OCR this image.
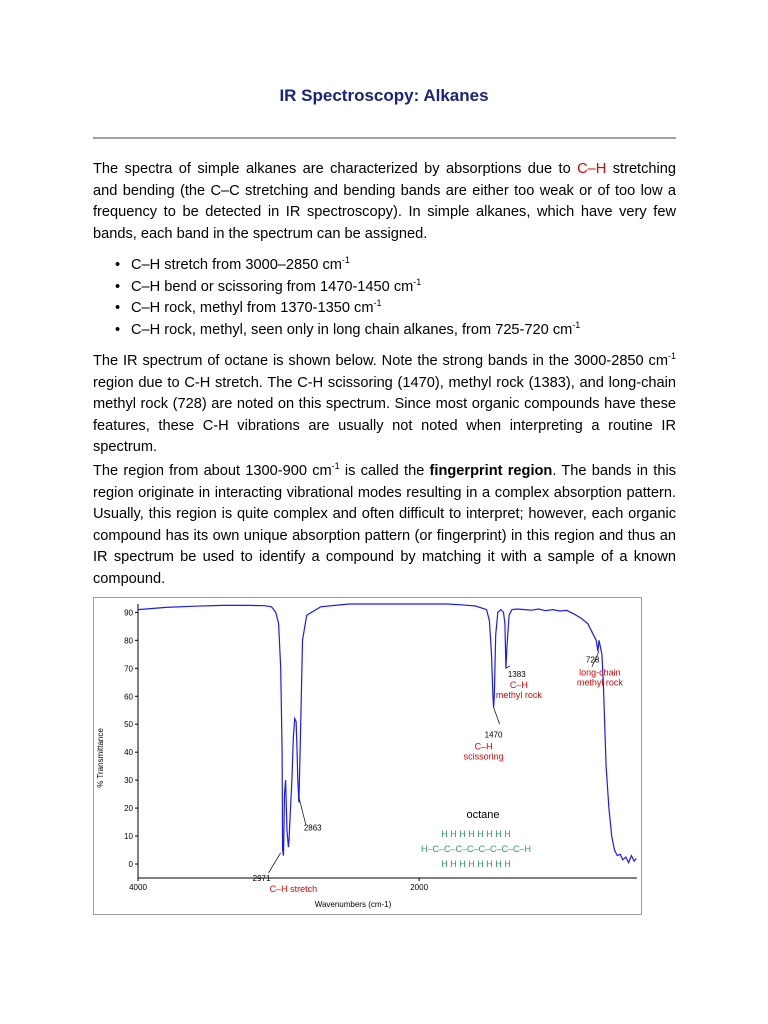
IR Spectroscopy: Alkanes

The spectra of simple alkanes are characterized by absorptions due to C–H stretching and bending (the C–C stretching and bending bands are either too weak or of too low a frequency to be detected in IR spectroscopy). In simple alkanes, which have very few bands, each band in the spectrum can be assigned.

• C–H stretch from 3000–2850 $cm^{-1}$
• C–H bend or scissoring from 1470-1450 $cm^{-1}$
• C–H rock, methyl from 1370-1350 $cm^{-1}$
• C–H rock, methyl, seen only in long chain alkanes, from 725-720 $cm^{-1}$

The IR spectrum of octane is shown below. Note the strong bands in the 3000-2850 $cm^{-1}$ region due to C-H stretch. The C-H scissoring (1470), methyl rock (1383), and long-chain methyl rock (728) are noted on this spectrum. Since most organic compounds have these features, these C-H vibrations are usually not noted when interpreting a routine IR spectrum.

The region from about 1300-900 $cm^{-1}$ is called the fingerprint region. The bands in this region originate in interacting vibrational modes resulting in a complex absorption pattern. Usually, this region is quite complex and often difficult to interpret; however, each organic compound has its own unique absorption pattern (or fingerprint) in this region and thus an IR spectrum be used to identify a compound by matching it with a sample of a known compound.

0
10
20
30
40
50
60
70
80
90
4000	2000
2971
2863
C–H stretch
1383
C–H
methyl rock
1470
C–H
scissoring
728
long-chain
methyl rock
Wavenumbers (cm-1)
% Transmittance
octane
H H H H H H H H
H–C–C–C–C–C–C–C–C–H
H H H H H H H H
